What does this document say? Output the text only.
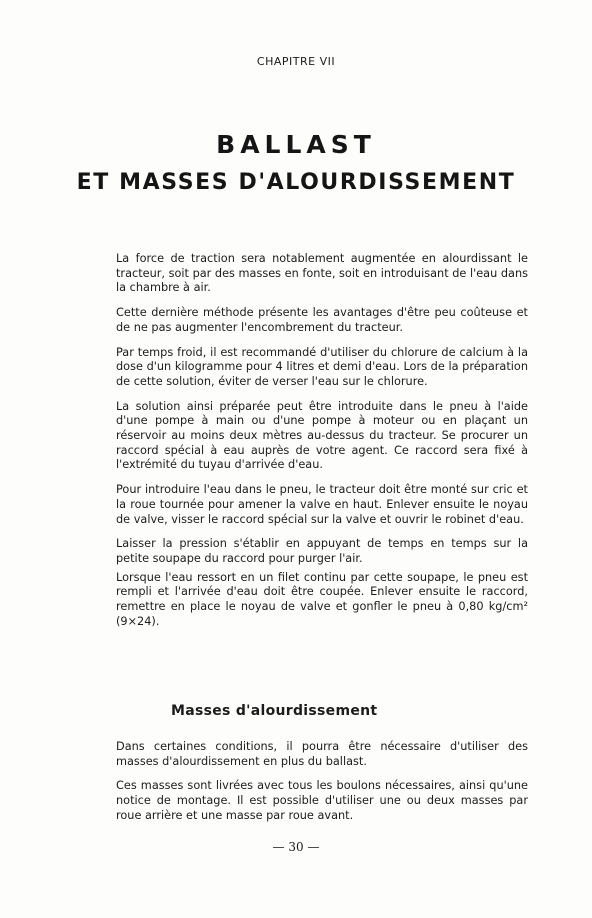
CHAPITRE VII
BALLAST
ET MASSES D'ALOURDISSEMENT

La force de traction sera notablement augmentée en alourdissant le tracteur, soit par des masses en fonte, soit en introduisant de l'eau dans la chambre à air.

Cette dernière méthode présente les avantages d'être peu coûteuse et de ne pas augmenter l'encombrement du tracteur.

Par temps froid, il est recommandé d'utiliser du chlorure de calcium à la dose d'un kilogramme pour 4 litres et demi d'eau. Lors de la préparation de cette solution, éviter de verser l'eau sur le chlorure.

La solution ainsi préparée peut être introduite dans le pneu à l'aide d'une pompe à main ou d'une pompe à moteur ou en plaçant un réservoir au moins deux mètres au-dessus du tracteur. Se procurer un raccord spécial à eau auprès de votre agent. Ce raccord sera fixé à l'extrémité du tuyau d'arrivée d'eau.

Pour introduire l'eau dans le pneu, le tracteur doit être monté sur cric et la roue tournée pour amener la valve en haut. Enlever ensuite le noyau de valve, visser le raccord spécial sur la valve et ouvrir le robinet d'eau.

Laisser la pression s'établir en appuyant de temps en temps sur la petite soupape du raccord pour purger l'air.

Lorsque l'eau ressort en un filet continu par cette soupape, le pneu est rempli et l'arrivée d'eau doit être coupée. Enlever ensuite le raccord, remettre en place le noyau de valve et gonfler le pneu à 0,80 kg/cm² (9×24).

Masses d'alourdissement

Dans certaines conditions, il pourra être nécessaire d'utiliser des masses d'alourdissement en plus du ballast.

Ces masses sont livrées avec tous les boulons nécessaires, ainsi qu'une notice de montage. Il est possible d'utiliser une ou deux masses par roue arrière et une masse par roue avant.

— 30 —
